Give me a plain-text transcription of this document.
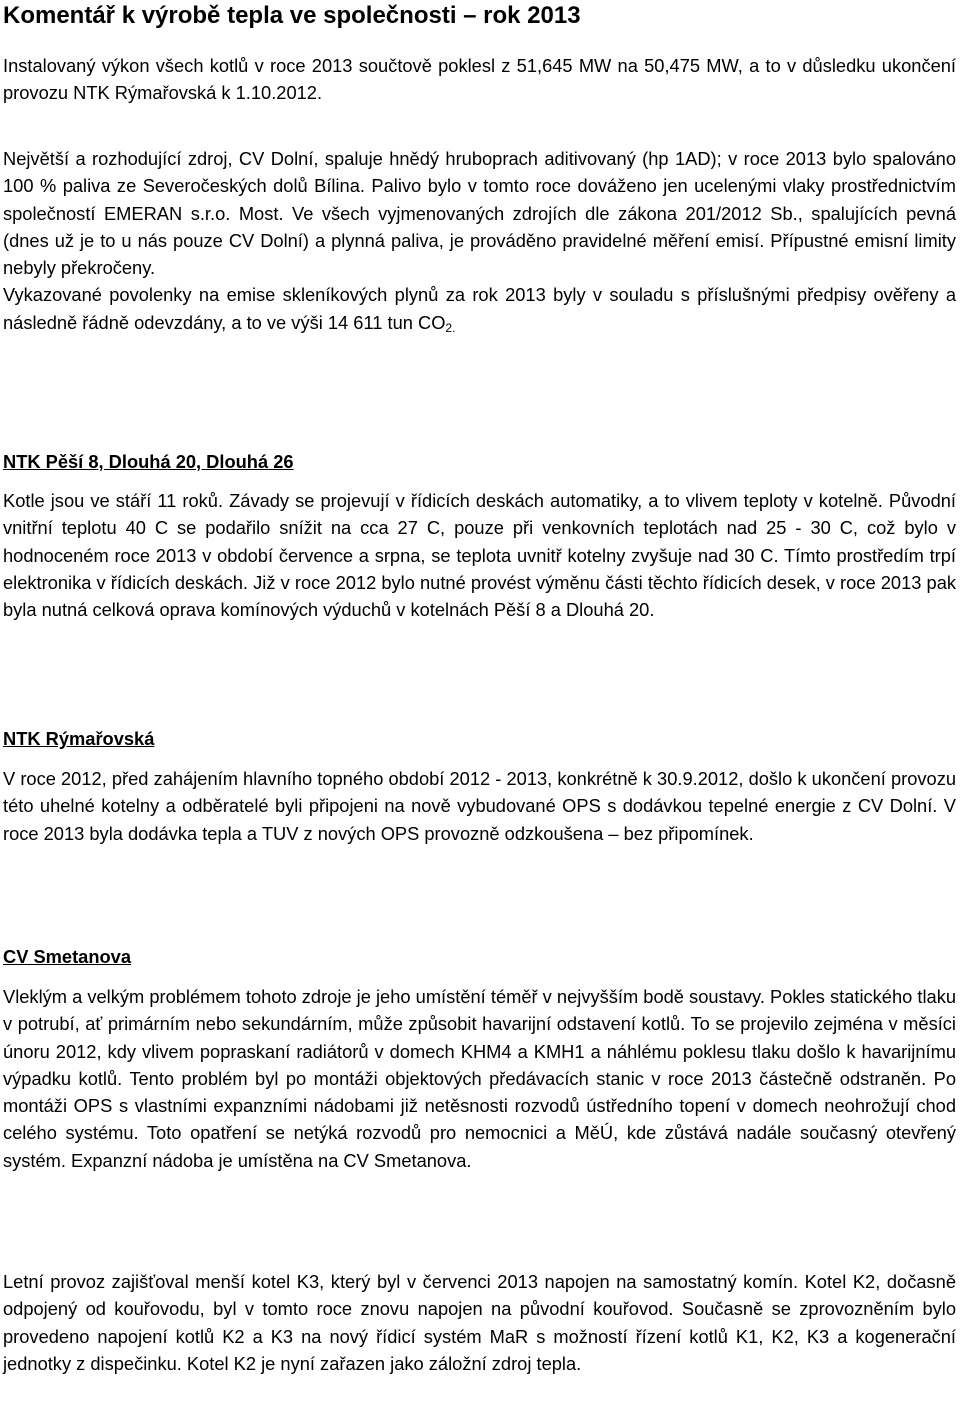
Komentář k výrobě tepla ve společnosti – rok 2013

Instalovaný výkon všech kotlů v roce 2013 součtově poklesl z 51,645 MW na 50,475 MW, a to v důsledku ukončení provozu NTK Rýmařovská k 1.10.2012.

Největší a rozhodující zdroj, CV Dolní, spaluje hnědý hruboprach aditivovaný (hp 1AD); v roce 2013 bylo spalováno 100 % paliva ze Severočeských dolů Bílina. Palivo bylo v tomto roce dováženo jen ucelenými vlaky prostřednictvím společností EMERAN s.r.o. Most. Ve všech vyjmenovaných zdrojích dle zákona 201/2012 Sb., spalujících pevná (dnes už je to u nás pouze CV Dolní) a plynná paliva, je prováděno pravidelné měření emisí. Přípustné emisní limity nebyly překročeny.

Vykazované povolenky na emise skleníkových plynů za rok 2013 byly v souladu s příslušnými předpisy ověřeny a následně řádně odevzdány, a to ve výši 14 611 tun $CO_{2.}$

NTK Pěší 8, Dlouhá 20, Dlouhá 26

Kotle jsou ve stáří 11 roků. Závady se projevují v řídicích deskách automatiky, a to vlivem teploty v kotelně. Původní vnitřní teplotu 40 C se podařilo snížit na cca 27 C, pouze při venkovních teplotách nad 25 - 30 C, což bylo v hodnoceném roce 2013 v období července a srpna, se teplota uvnitř kotelny zvyšuje nad 30 C. Tímto prostředím trpí elektronika v řídicích deskách. Již v roce 2012 bylo nutné provést výměnu části těchto řídicích desek, v roce 2013 pak byla nutná celková oprava komínových výduchů v kotelnách Pěší 8 a Dlouhá 20.

NTK Rýmařovská

V roce 2012, před zahájením hlavního topného období 2012 - 2013, konkrétně k 30.9.2012, došlo k ukončení provozu této uhelné kotelny a odběratelé byli připojeni na nově vybudované OPS s dodávkou tepelné energie z CV Dolní. V roce 2013 byla dodávka tepla a TUV z nových OPS provozně odzkoušena – bez připomínek.

CV Smetanova

Vleklým a velkým problémem tohoto zdroje je jeho umístění téměř v nejvyšším bodě soustavy. Pokles statického tlaku v potrubí, ať primárním nebo sekundárním, může způsobit havarijní odstavení kotlů. To se projevilo zejména v měsíci únoru 2012, kdy vlivem popraskaní radiátorů v domech KHM4 a KMH1 a náhlému poklesu tlaku došlo k havarijnímu výpadku kotlů. Tento problém byl po montáži objektových předávacích stanic v roce 2013 částečně odstraněn. Po montáži OPS s vlastními expanzními nádobami již netěsnosti rozvodů ústředního topení v domech neohrožují chod celého systému. Toto opatření se netýká rozvodů pro nemocnici a MěÚ, kde zůstává nadále současný otevřený systém. Expanzní nádoba je umístěna na CV Smetanova.

Letní provoz zajišťoval menší kotel K3, který byl v červenci 2013 napojen na samostatný komín. Kotel K2, dočasně odpojený od kouřovodu, byl v tomto roce znovu napojen na původní kouřovod. Současně se zprovozněním bylo provedeno napojení kotlů K2 a K3 na nový řídicí systém MaR s možností řízení kotlů K1, K2, K3 a kogenerační jednotky z dispečinku. Kotel K2 je nyní zařazen jako záložní zdroj tepla.
